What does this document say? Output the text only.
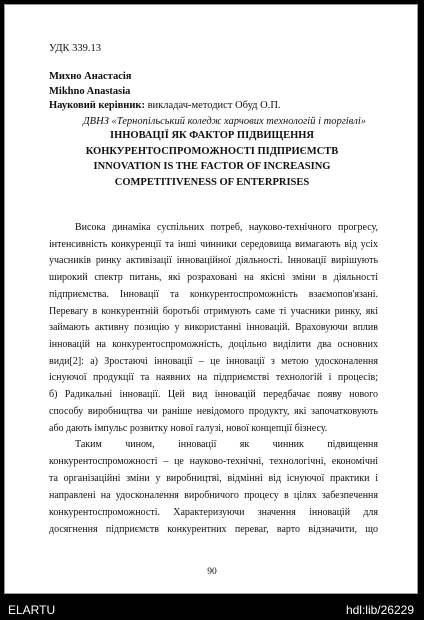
УДК 339.13
Михно Анастасія
Mikhno Anastasia
Науковий керівник: викладач-методист Обуд О.П.
ДВНЗ «Тернопільський коледж харчових технологій і торгівлі»
ІННОВАЦІЇ ЯК ФАКТОР ПІДВИЩЕННЯ
КОНКУРЕНТОСПРОМОЖНОСТІ ПІДПРИЄМСТВ
INNOVATION IS THE FACTOR OF INCREASING
COMPETITIVENESS OF ENTERPRISES
Висока динаміка суспільних потреб, науково-технічного прогресу,
інтенсивність конкуренції та інші чинники середовища вимагають від усіх
учасників ринку активізації інноваційної діяльності. Інновації вирішують
широкий спектр питань, які розраховані на якісні зміни в діяльності
підприємства. Інновації та конкурентоспроможність взаємопов'язані.
Перевагу в конкурентній боротьбі отримують саме ті учасники ринку, які
займають активну позицію у використанні інновацій. Враховуючи вплив
інновацій на конкурентоспроможність, доцільно виділити два основних
види[2]: а) Зростаючі інновації – це інновації з метою удосконалення
існуючої продукції та наявних на підприємстві технологій і процесів;
б) Радикальні інновації. Цей вид інновацій передбачає появу нового
способу виробництва чи раніше невідомого продукту, які започатковують
або дають імпульс розвитку нової галузі, нової концепції бізнесу.
Таким чином, інновації як чинник підвищення
конкурентоспроможності – це науково-технічні, технологічні, економічні
та організаційні зміни у виробництві, відмінні від існуючої практики і
направлені на удосконалення виробничого процесу в цілях забезпечення
конкурентоспроможності. Характеризуючи значення інновацій для
досягнення підприємств конкурентних переваг, варто відзначити, що
90
ELARTU	hdl:lib/26229
